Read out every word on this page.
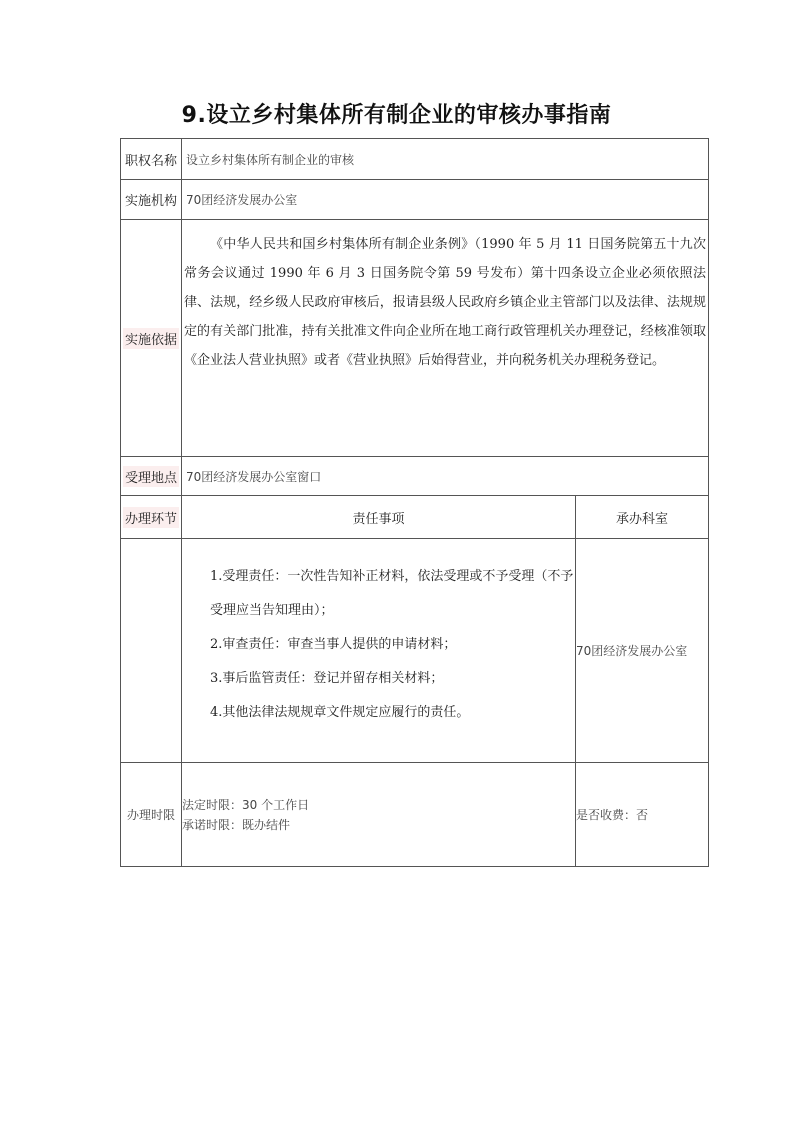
9.设立乡村集体所有制企业的审核办事指南
职权名称 设立乡村集体所有制企业的审核
实施机构 70团经济发展办公室
实施依据
《中华人民共和国乡村集体所有制企业条例》（1990 年 5 月 11 日国务院第五十九次常务会议通过 1990 年 6 月 3 日国务院令第 59 号发布）第十四条设立企业必须依照法律、法规，经乡级人民政府审核后，报请县级人民政府乡镇企业主管部门以及法律、法规规定的有关部门批准，持有关批准文件向企业所在地工商行政管理机关办理登记，经核准领取《企业法人营业执照》或者《营业执照》后始得营业，并向税务机关办理税务登记。
受理地点 70团经济发展办公室窗口
办理环节	责任事项	承办科室

1.受理责任：一次性告知补正材料，依法受理或不予受理（不予受理应当告知理由）；

2.审查责任：审查当事人提供的申请材料；

3.事后监管责任：登记并留存相关材料；

4.其他法律法规规章文件规定应履行的责任。

70团经济发展办公室
办理时限
法定时限：30 个工作日
承诺时限：既办结件
是否收费：否
